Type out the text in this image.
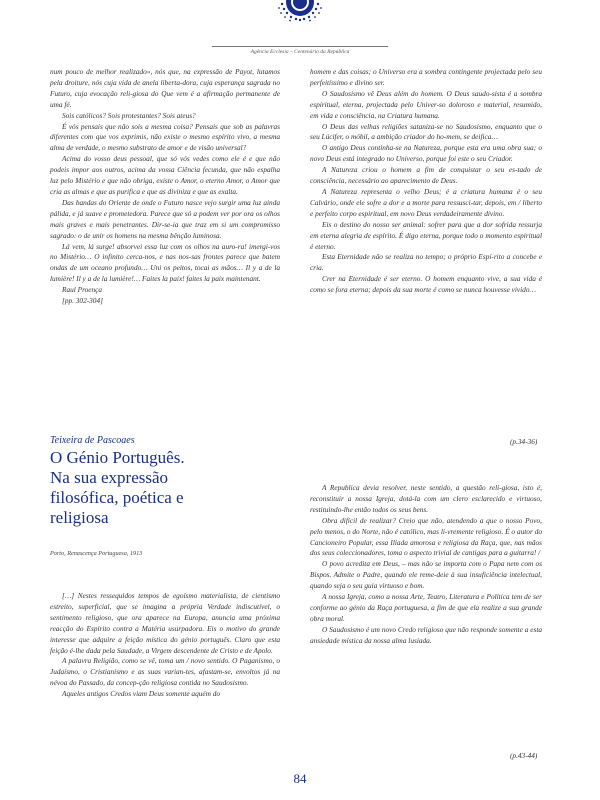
Agência Ecclesia – Centenário da República

num pouco de melhor realizado», nós que, na expressão de Payot, lutamos pela droiture, nós cuja vida de anela liberta-dora, cuja esperança sagrada no Futuro, cuja evocação reli-giosa do Que vem é a afirmação permanente de uma fé.

Sois católicos? Sois protestantes? Sois ateus?

É vós pensais que não sois a mesma coisa? Pensais que sob as palavras diferentes com que vos exprimis, não existe o mesmo espírito vivo, a mesma alma de verdade, o mesmo substrato de amor e de visão universal?

Acima do vosso deus pessoal, que só vós vedes como ele é e que não podeis impor aos outros, acima da vossa Ciência fecunda, que não espalha luz pelo Mistério e que não obriga, existe o Amor, o eterno Amor, o Amor que cria as almas e que as purifica e que as diviniza e que as exalta.

Das bandas do Oriente de onde o Futuro nasce vejo surgir uma luz ainda pálida, e já suave e prometedora. Parece que só a podem ver por ora os olhos mais graves e mais penetrantes. Dir-se-ia que traz em si um compromisso sagrado: o de unir os homens na mesma bênção luminosa.

Lá vem, lá surge! absorvei essa luz com os olhos na auro-ra! imergi-vos no Mistério… O infinito cerca-nos, e nas nos-sas frontes parece que batem ondas de um oceano profundo… Uni os peitos, tocai as mãos… Il y a de la lumière! Il y a de la lumière!… Faites la paix! faites la paix maintenant.

Raul Proença

[pp. 302-304]

homem e das coisas; o Universo era a sombra contingente projectada pelo seu perfeitíssimo e divino ser.

O Saudosismo vê Deus além do homem. O Deus saudo-sista é a sombra espiritual, eterna, projectada pelo Univer-so doloroso e material, resumido, em vida e consciência, na Criatura humana.

O Deus das velhas religiões sataniza-se no Saudosismo, enquanto que o seu Lúcifer, o móbil, a ambição criador do ho-mem, se deifica…

O antigo Deus continha-se na Natureza, porque esta era uma obra sua; o novo Deus está integrado no Universo, porque foi este o seu Criador.

A Natureza criou o homem a fim de conquistar o seu es-tado de consciência, necessário ao aparecimento de Deus.

A Natureza representa o velho Deus; é a criatura humana é o seu Calvário, onde ele sofre a dor e a morte para ressusci-tar, depois, em / liberto e perfeito corpo espiritual, em novo Deus verdadeiramente divino.

Eis o destino do nosso ser animal: sofrer para que a dor sofrida ressurja em eterna alegria de espírito. É digo eterna, porque todo o momento espiritual é eterno.

Esta Eternidade não se realiza no tempo; o próprio Espí-rito a concebe e cria.

Crer na Eternidade é ser eterno. O homem enquanto vive, a sua vida é como se fora eterna; depois da sua morte é como se nunca houvesse vivido…

(p.34-36)
Teixeira de Pascoaes
O Génio Português.
Na sua expressão
filosófica, poética e
religiosa
Porto, Renascença Portuguesa, 1913

[…] Nestes ressequidos tempos de egoísmo materialista, de cientismo estreito, superficial, que se imagina a própria Verdade indiscutível, o sentimento religioso, que ora aparece na Europa, anuncia uma próxima reacção do Espírito contra a Matéria usurpadora. Eis o motivo do grande interesse que adquire a feição mística do génio português. Claro que esta feição é-lhe dada pela Saudade, a Virgem descendente de Cristo e de Apolo.

A palavra Religião, como se vê, toma um / novo sentido. O Paganismo, o Judaísmo, o Cristianismo e as suas varian-tes, afastam-se, envoltos já na névoa do Passado, da concep-ção religiosa contida no Saudosismo.

Aqueles antigos Credos viam Deus somente aquém do

A Republica devia resolver, neste sentido, a questão reli-giosa, isto é, reconstituir a nossa Igreja, dotá-la com um clero esclarecido e virtuoso, restituindo-lhe então todos os seus bens.

Obra difícil de realizar? Creio que não, atendendo a que o nosso Povo, pelo menos, o do Norte, não é católico, mas li-vremente religioso. É o autor do Cancioneiro Popular, essa Ilíada amorosa e religiosa da Raça, que, nas mãos dos seus coleccionadores, toma o aspecto trivial de cantigas para a guitarra! /

O povo acredita em Deus, – mas não se importa com o Papa nem com os Bispos. Admite o Padre, quando ele reme-deie à sua insuficiência intelectual, quando seja o seu guia virtuoso e bom.

A nossa Igreja, como a nossa Arte, Teatro, Literatura e Política tem de ser conforme ao génio da Raça portuguesa, a fim de que ela realize a sua grande obra moral.

O Saudosismo é um novo Credo religioso que não responde somente a esta ansiedade mística da nossa alma lusíada.

(p.43-44)
84
